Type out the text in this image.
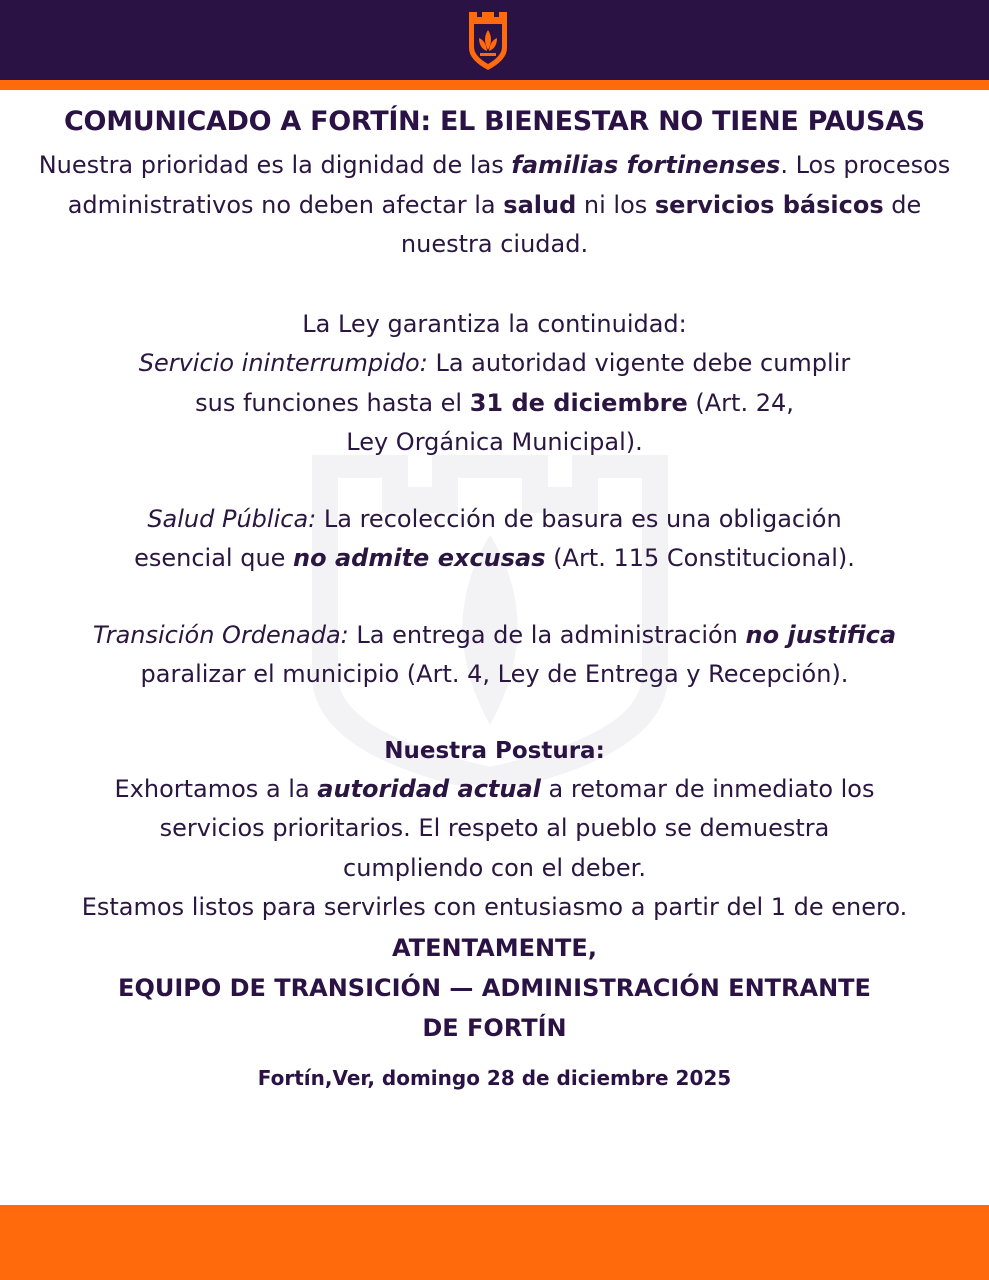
COMUNICADO A FORTÍN: EL BIENESTAR NO TIENE PAUSAS

Nuestra prioridad es la dignidad de las familias fortinenses. Los procesos administrativos no deben afectar la salud ni los servicios básicos de nuestra ciudad.

La Ley garantiza la continuidad:

Servicio ininterrumpido: La autoridad vigente debe cumplir sus funciones hasta el 31 de diciembre (Art. 24,
Ley Orgánica Municipal).

Salud Pública: La recolección de basura es una obligación esencial que no admite excusas (Art. 115 Constitucional).

Transición Ordenada: La entrega de la administración no justifica paralizar el municipio (Art. 4, Ley de Entrega y Recepción).

Nuestra Postura:

Exhortamos a la autoridad actual a retomar de inmediato los servicios prioritarios. El respeto al pueblo se demuestra cumpliendo con el deber.

Estamos listos para servirles con entusiasmo a partir del 1 de enero.

ATENTAMENTE,

EQUIPO DE TRANSICIÓN — ADMINISTRACIÓN ENTRANTE

DE FORTÍN

Fortín,Ver, domingo 28 de diciembre 2025
